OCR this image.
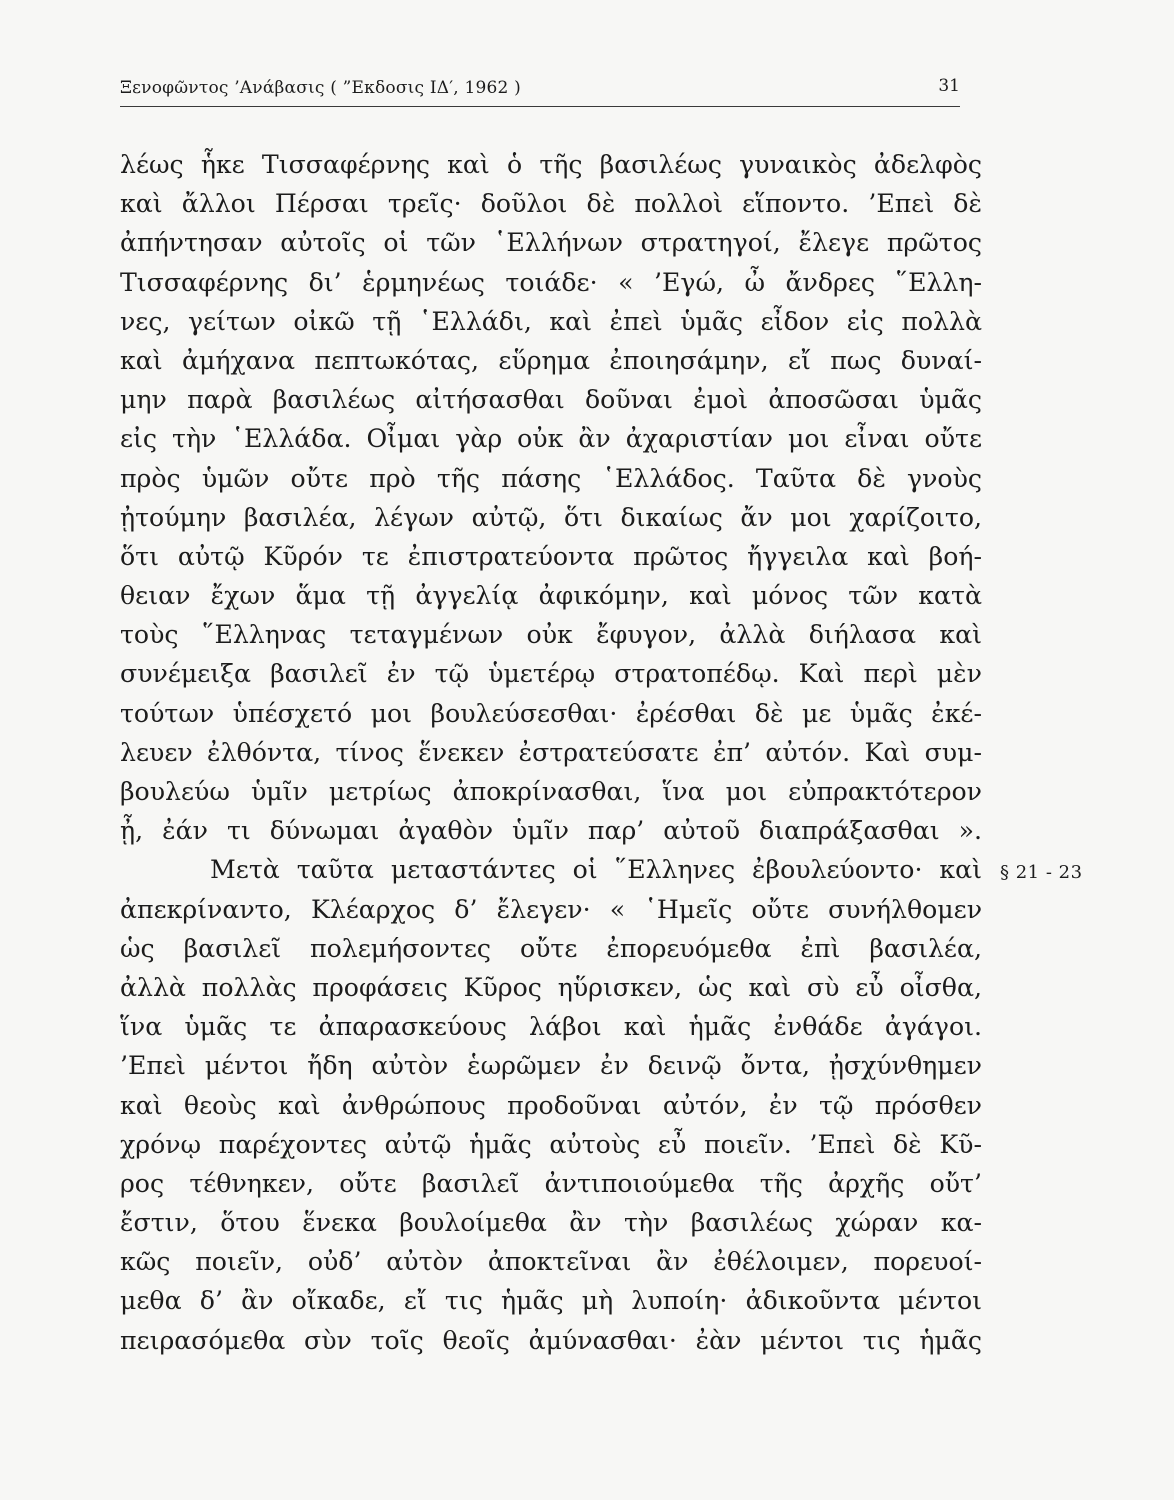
Ξενοφῶντος ’Ανάβασις ( ”Εκδοσις ΙΔ′, 1962 )	31
λέως ἧκε Τισσαφέρνης καὶ ὁ τῆς βασιλέως γυναικὸς ἀδελφὸς
καὶ ἄλλοι Πέρσαι τρεῖς· δοῦλοι δὲ πολλοὶ εἵποντο. ’Επεὶ δὲ
ἀπήντησαν αὐτοῖς οἱ τῶν ῾Ελλήνων στρατηγοί, ἔλεγε πρῶτος
Τισσαφέρνης δι’ ἑρμηνέως τοιάδε· « ’Εγώ, ὦ ἄνδρες ῞Ελλη-
νες, γείτων οἰκῶ τῇ ῾Ελλάδι, καὶ ἐπεὶ ὑμᾶς εἶδον εἰς πολλὰ
καὶ ἀμήχανα πεπτωκότας, εὕρημα ἐποιησάμην, εἴ πως δυναί-
μην παρὰ βασιλέως αἰτήσασθαι δοῦναι ἐμοὶ ἀποσῶσαι ὑμᾶς
εἰς τὴν ῾Ελλάδα. Οἶμαι γὰρ οὐκ ἂν ἀχαριστίαν μοι εἶναι οὔτε
πρὸς ὑμῶν οὔτε πρὸ τῆς πάσης ῾Ελλάδος. Ταῦτα δὲ γνοὺς
ᾐτούμην βασιλέα, λέγων αὐτῷ, ὅτι δικαίως ἄν μοι χαρίζοιτο,
ὅτι αὐτῷ Κῦρόν τε ἐπιστρατεύοντα πρῶτος ἤγγειλα καὶ βοή-
θειαν ἔχων ἅμα τῇ ἀγγελίᾳ ἀφικόμην, καὶ μόνος τῶν κατὰ
τοὺς ῞Ελληνας τεταγμένων οὐκ ἔφυγον, ἀλλὰ διήλασα καὶ
συνέμειξα βασιλεῖ ἐν τῷ ὑμετέρῳ στρατοπέδῳ. Καὶ περὶ μὲν
τούτων ὑπέσχετό μοι βουλεύσεσθαι· ἐρέσθαι δὲ με ὑμᾶς ἐκέ-
λευεν ἐλθόντα, τίνος ἕνεκεν ἐστρατεύσατε ἐπ’ αὐτόν. Καὶ συμ-
βουλεύω ὑμῖν μετρίως ἀποκρίνασθαι, ἵνα μοι εὐπρακτότερον
ᾖ, ἐάν τι δύνωμαι ἀγαθὸν ὑμῖν παρ’ αὐτοῦ διαπράξασθαι ».
Μετὰ ταῦτα μεταστάντες οἱ ῞Ελληνες ἐβουλεύοντο· καὶ
ἀπεκρίναντο, Κλέαρχος δ’ ἔλεγεν· « ῾Ημεῖς οὔτε συνήλθομεν
ὡς βασιλεῖ πολεμήσοντες οὔτε ἐπορευόμεθα ἐπὶ βασιλέα,
ἀλλὰ πολλὰς προφάσεις Κῦρος ηὕρισκεν, ὡς καὶ σὺ εὖ οἶσθα,
ἵνα ὑμᾶς τε ἀπαρασκεύους λάβοι καὶ ἡμᾶς ἐνθάδε ἀγάγοι.
’Επεὶ μέντοι ἤδη αὐτὸν ἑωρῶμεν ἐν δεινῷ ὄντα, ᾐσχύνθημεν
καὶ θεοὺς καὶ ἀνθρώπους προδοῦναι αὐτόν, ἐν τῷ πρόσθεν
χρόνῳ παρέχοντες αὐτῷ ἡμᾶς αὐτοὺς εὖ ποιεῖν. ’Επεὶ δὲ Κῦ-
ρος τέθνηκεν, οὔτε βασιλεῖ ἀντιποιούμεθα τῆς ἀρχῆς οὔτ’
ἔστιν, ὅτου ἕνεκα βουλοίμεθα ἂν τὴν βασιλέως χώραν κα-
κῶς ποιεῖν, οὐδ’ αὐτὸν ἀποκτεῖναι ἂν ἐθέλοιμεν, πορευοί-
μεθα δ’ ἂν οἴκαδε, εἴ τις ἡμᾶς μὴ λυποίη· ἀδικοῦντα μέντοι
πειρασόμεθα σὺν τοῖς θεοῖς ἀμύνασθαι· ἐὰν μέντοι τις ἡμᾶς
§ 21 - 23
